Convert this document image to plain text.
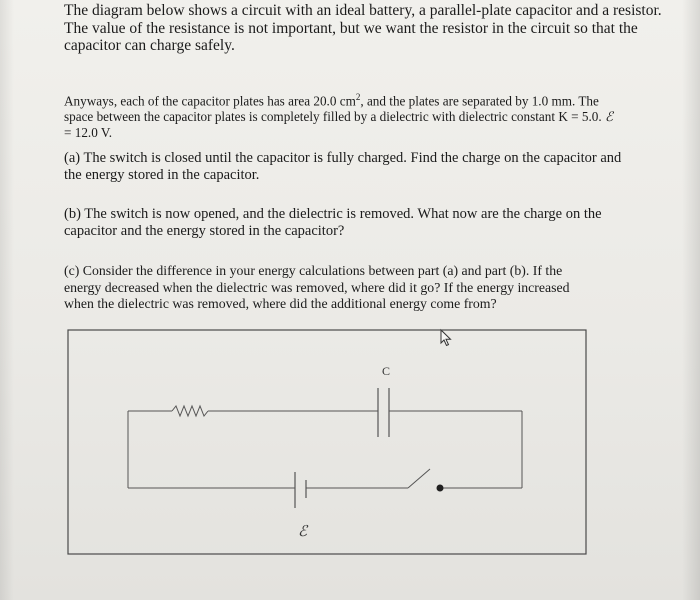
The diagram below shows a circuit with an ideal battery, a parallel-plate capacitor and a resistor.
The value of the resistance is not important, but we want the resistor in the circuit so that the
capacitor can charge safely.

Anyways, each of the capacitor plates has area 20.0 $cm^2$, and the plates are separated by 1.0 mm. The
space between the capacitor plates is completely filled by a dielectric with dielectric constant K = 5.0. ℰ
= 12.0 V.

(a) The switch is closed until the capacitor is fully charged. Find the charge on the capacitor and
the energy stored in the capacitor.

(b) The switch is now opened, and the dielectric is removed. What now are the charge on the
capacitor and the energy stored in the capacitor?

(c) Consider the difference in your energy calculations between part (a) and part (b). If the
energy decreased when the dielectric was removed, where did it go? If the energy increased
when the dielectric was removed, where did the additional energy come from?

C
ℰ
